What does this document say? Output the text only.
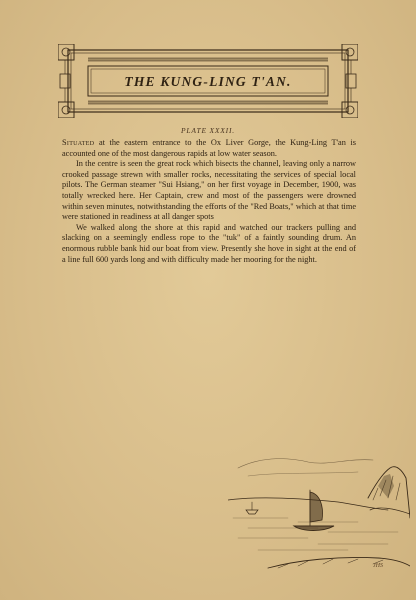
THE KUNG-LING T'AN.
PLATE XXXII.

Situated at the eastern entrance to the Ox Liver Gorge, the Kung-Ling T'an is accounted one of the most dangerous rapids at low water season.

In the centre is seen the great rock which bisects the channel, leaving only a narrow crooked passage strewn with smaller rocks, necessitating the services of special local pilots. The German steamer "Sui Hsiang," on her first voyage in December, 1900, was totally wrecked here. Her Captain, crew and most of the passengers were drowned within seven minutes, notwithstanding the efforts of the "Red Boats," which at that time were stationed in readiness at all danger spots

We walked along the shore at this rapid and watched our trackers pulling and slacking on a seemingly endless rope to the "tuk" of a faintly sounding drum. An enormous rubble bank hid our boat from view. Presently she hove in sight at the end of a line full 600 yards long and with difficulty made her mooring for the night.

JHS
